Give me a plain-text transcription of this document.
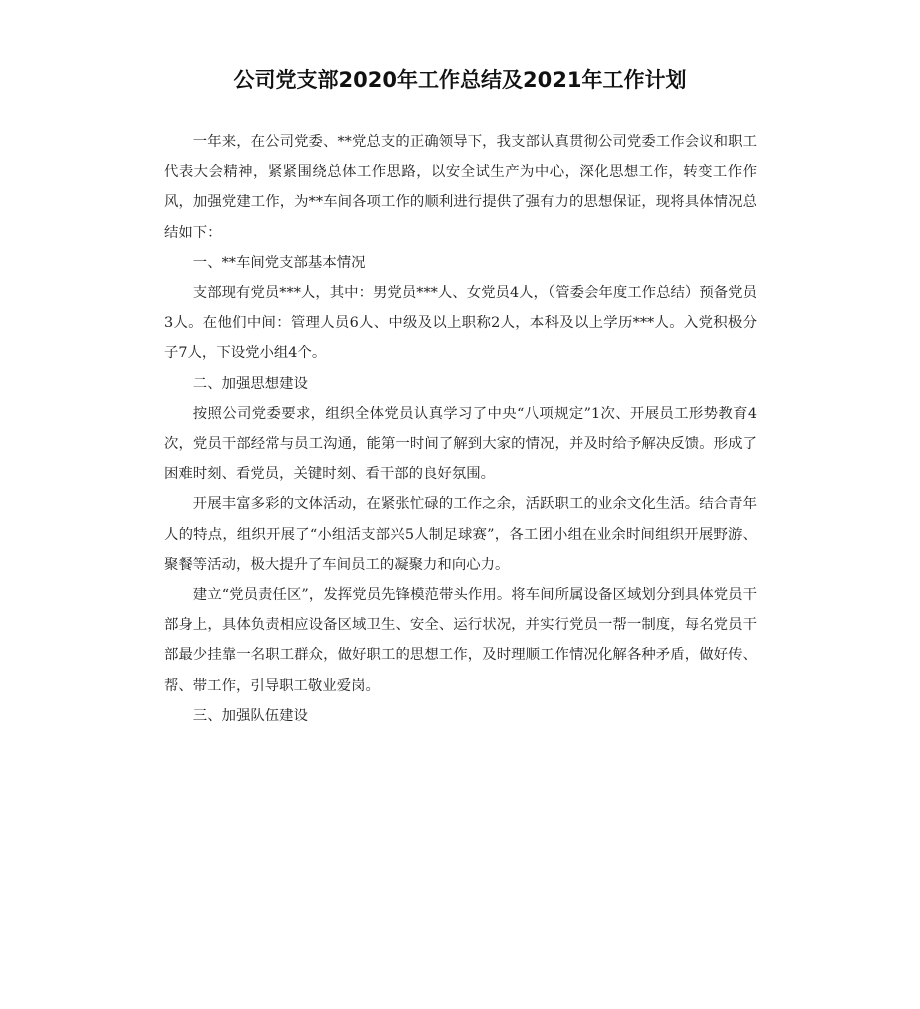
公司党支部2020年工作总结及2021年工作计划

一年来，在公司党委、**党总支的正确领导下，我支部认真贯彻公司党委工作会议和职工代表大会精神，紧紧围绕总体工作思路，以安全试生产为中心，深化思想工作，转变工作作风，加强党建工作，为**车间各项工作的顺利进行提供了强有力的思想保证，现将具体情况总结如下：

一、**车间党支部基本情况

支部现有党员***人，其中：男党员***人、女党员4人，（管委会年度工作总结）预备党员3人。在他们中间：管理人员6人、中级及以上职称2人，本科及以上学历***人。入党积极分子7人，下设党小组4个。

二、加强思想建设

按照公司党委要求，组织全体党员认真学习了中央“八项规定”1次、开展员工形势教育4次，党员干部经常与员工沟通，能第一时间了解到大家的情况，并及时给予解决反馈。形成了困难时刻、看党员，关键时刻、看干部的良好氛围。

开展丰富多彩的文体活动，在紧张忙碌的工作之余，活跃职工的业余文化生活。结合青年人的特点，组织开展了“小组活支部兴5人制足球赛”，各工团小组在业余时间组织开展野游、聚餐等活动，极大提升了车间员工的凝聚力和向心力。

建立“党员责任区”，发挥党员先锋模范带头作用。将车间所属设备区域划分到具体党员干部身上，具体负责相应设备区域卫生、安全、运行状况，并实行党员一帮一制度，每名党员干部最少挂靠一名职工群众，做好职工的思想工作，及时理顺工作情况化解各种矛盾，做好传、帮、带工作，引导职工敬业爱岗。

三、加强队伍建设
